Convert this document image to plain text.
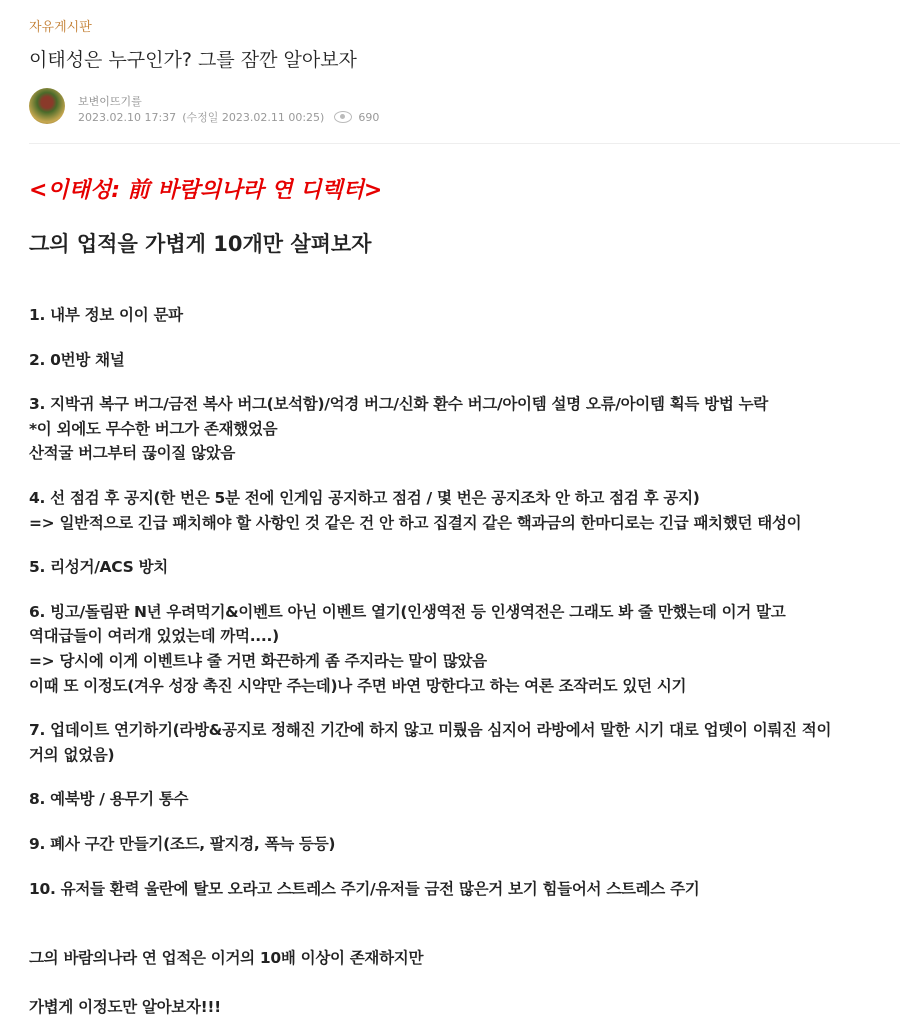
자유게시판
이태성은 누구인가? 그를 잠깐 알아보자
보변이뜨기를
2023.02.10 17:37 (수정일 2023.02.11 00:25)	690
<이태성: 前 바람의나라 연 디렉터>
그의 업적을 가볍게 10개만 살펴보자
1. 내부 정보 이이 문파
2. 0번방 채널
3. 지박귀 복구 버그/금전 복사 버그(보석함)/억경 버그/신화 환수 버그/아이템 설명 오류/아이템 획득 방법 누락
*이 외에도 무수한 버그가 존재했었음
산적굴 버그부터 끊이질 않았음
4. 선 점검 후 공지(한 번은 5분 전에 인게임 공지하고 점검 / 몇 번은 공지조차 안 하고 점검 후 공지)
=> 일반적으로 긴급 패치해야 할 사항인 것 같은 건 안 하고 집결지 같은 핵과금의 한마디로는 긴급 패치했던 태성이
5. 리성거/ACS 방치
6. 빙고/돌림판 N년 우려먹기&이벤트 아닌 이벤트 열기(인생역전 등 인생역전은 그래도 봐 줄 만했는데 이거 말고
역대급들이 여러개 있었는데 까먹....)
=> 당시에 이게 이벤트냐 줄 거면 화끈하게 좀 주지라는 말이 많았음
이때 또 이정도(겨우 성장 촉진 시약만 주는데)나 주면 바연 망한다고 하는 여론 조작러도 있던 시기
7. 업데이트 연기하기(라방&공지로 정해진 기간에 하지 않고 미뤘음 심지어 라방에서 말한 시기 대로 업뎃이 이뤄진 적이
거의 없었음)
8. 예북방 / 용무기 통수
9. 폐사 구간 만들기(조드, 팔지경, 폭늑 등등)
10. 유저들 환력 울란에 탈모 오라고 스트레스 주기/유저들 금전 많은거 보기 힘들어서 스트레스 주기
그의 바람의나라 연 업적은 이거의 10배 이상이 존재하지만
가볍게 이정도만 알아보자!!!
